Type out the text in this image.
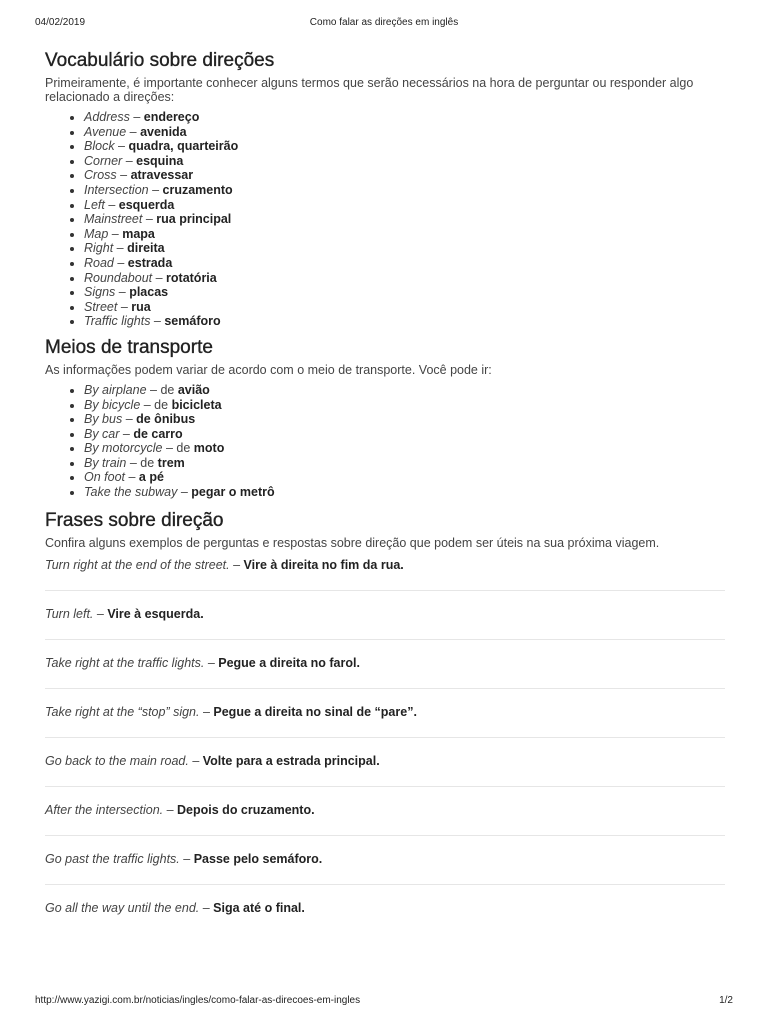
04/02/2019	Como falar as direções em inglês
Vocabulário sobre direções

Primeiramente, é importante conhecer alguns termos que serão necessários na hora de perguntar ou responder algo relacionado a direções:

• Address – endereço
• Avenue – avenida
• Block – quadra, quarteirão
• Corner – esquina
• Cross – atravessar
• Intersection – cruzamento
• Left – esquerda
• Mainstreet – rua principal
• Map – mapa
• Right – direita
• Road – estrada
• Roundabout – rotatória
• Signs – placas
• Street – rua
• Traffic lights – semáforo
Meios de transporte

As informações podem variar de acordo com o meio de transporte. Você pode ir:

• By airplane – de avião
• By bicycle – de bicicleta
• By bus – de ônibus
• By car – de carro
• By motorcycle – de moto
• By train – de trem
• On foot – a pé
• Take the subway – pegar o metrô
Frases sobre direção

Confira alguns exemplos de perguntas e respostas sobre direção que podem ser úteis na sua próxima viagem.

Turn right at the end of the street. – Vire à direita no fim da rua.
Turn left. – Vire à esquerda.
Take right at the traffic lights. – Pegue a direita no farol.
Take right at the “stop” sign. – Pegue a direita no sinal de “pare”.
Go back to the main road. – Volte para a estrada principal.
After the intersection. – Depois do cruzamento.
Go past the traffic lights. – Passe pelo semáforo.
Go all the way until the end. – Siga até o final.
http://www.yazigi.com.br/noticias/ingles/como-falar-as-direcoes-em-ingles	1/2
